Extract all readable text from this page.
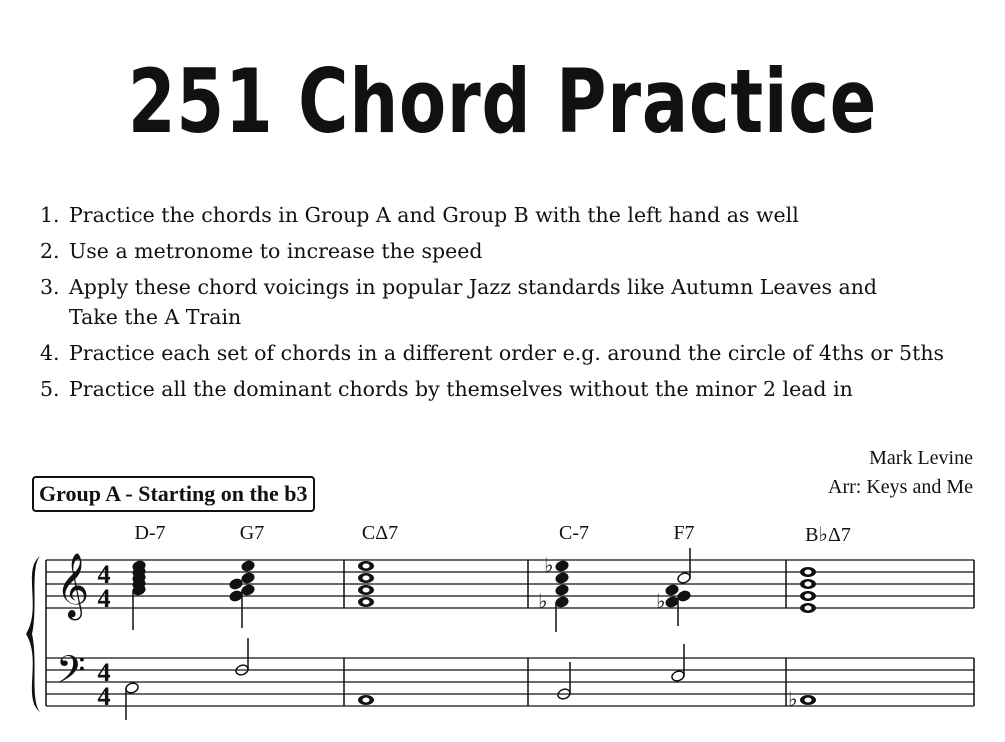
251 Chord Practice
1. Practice the chords in Group A and Group B with the left hand as well
2. Use a metronome to increase the speed
3. Apply these chord voicings in popular Jazz standards like Autumn Leaves and Take the A Train
4. Practice each set of chords in a different order e.g. around the circle of 4ths or 5ths
5. Practice all the dominant chords by themselves without the minor 2 lead in
Mark Levine
Arr: Keys and Me
Group A - Starting on the b3
D-7	G7	CΔ7	C-7	F7	B♭Δ7
𝄞
𝄢
4
4
4
4
♭
♭	♭
♭
